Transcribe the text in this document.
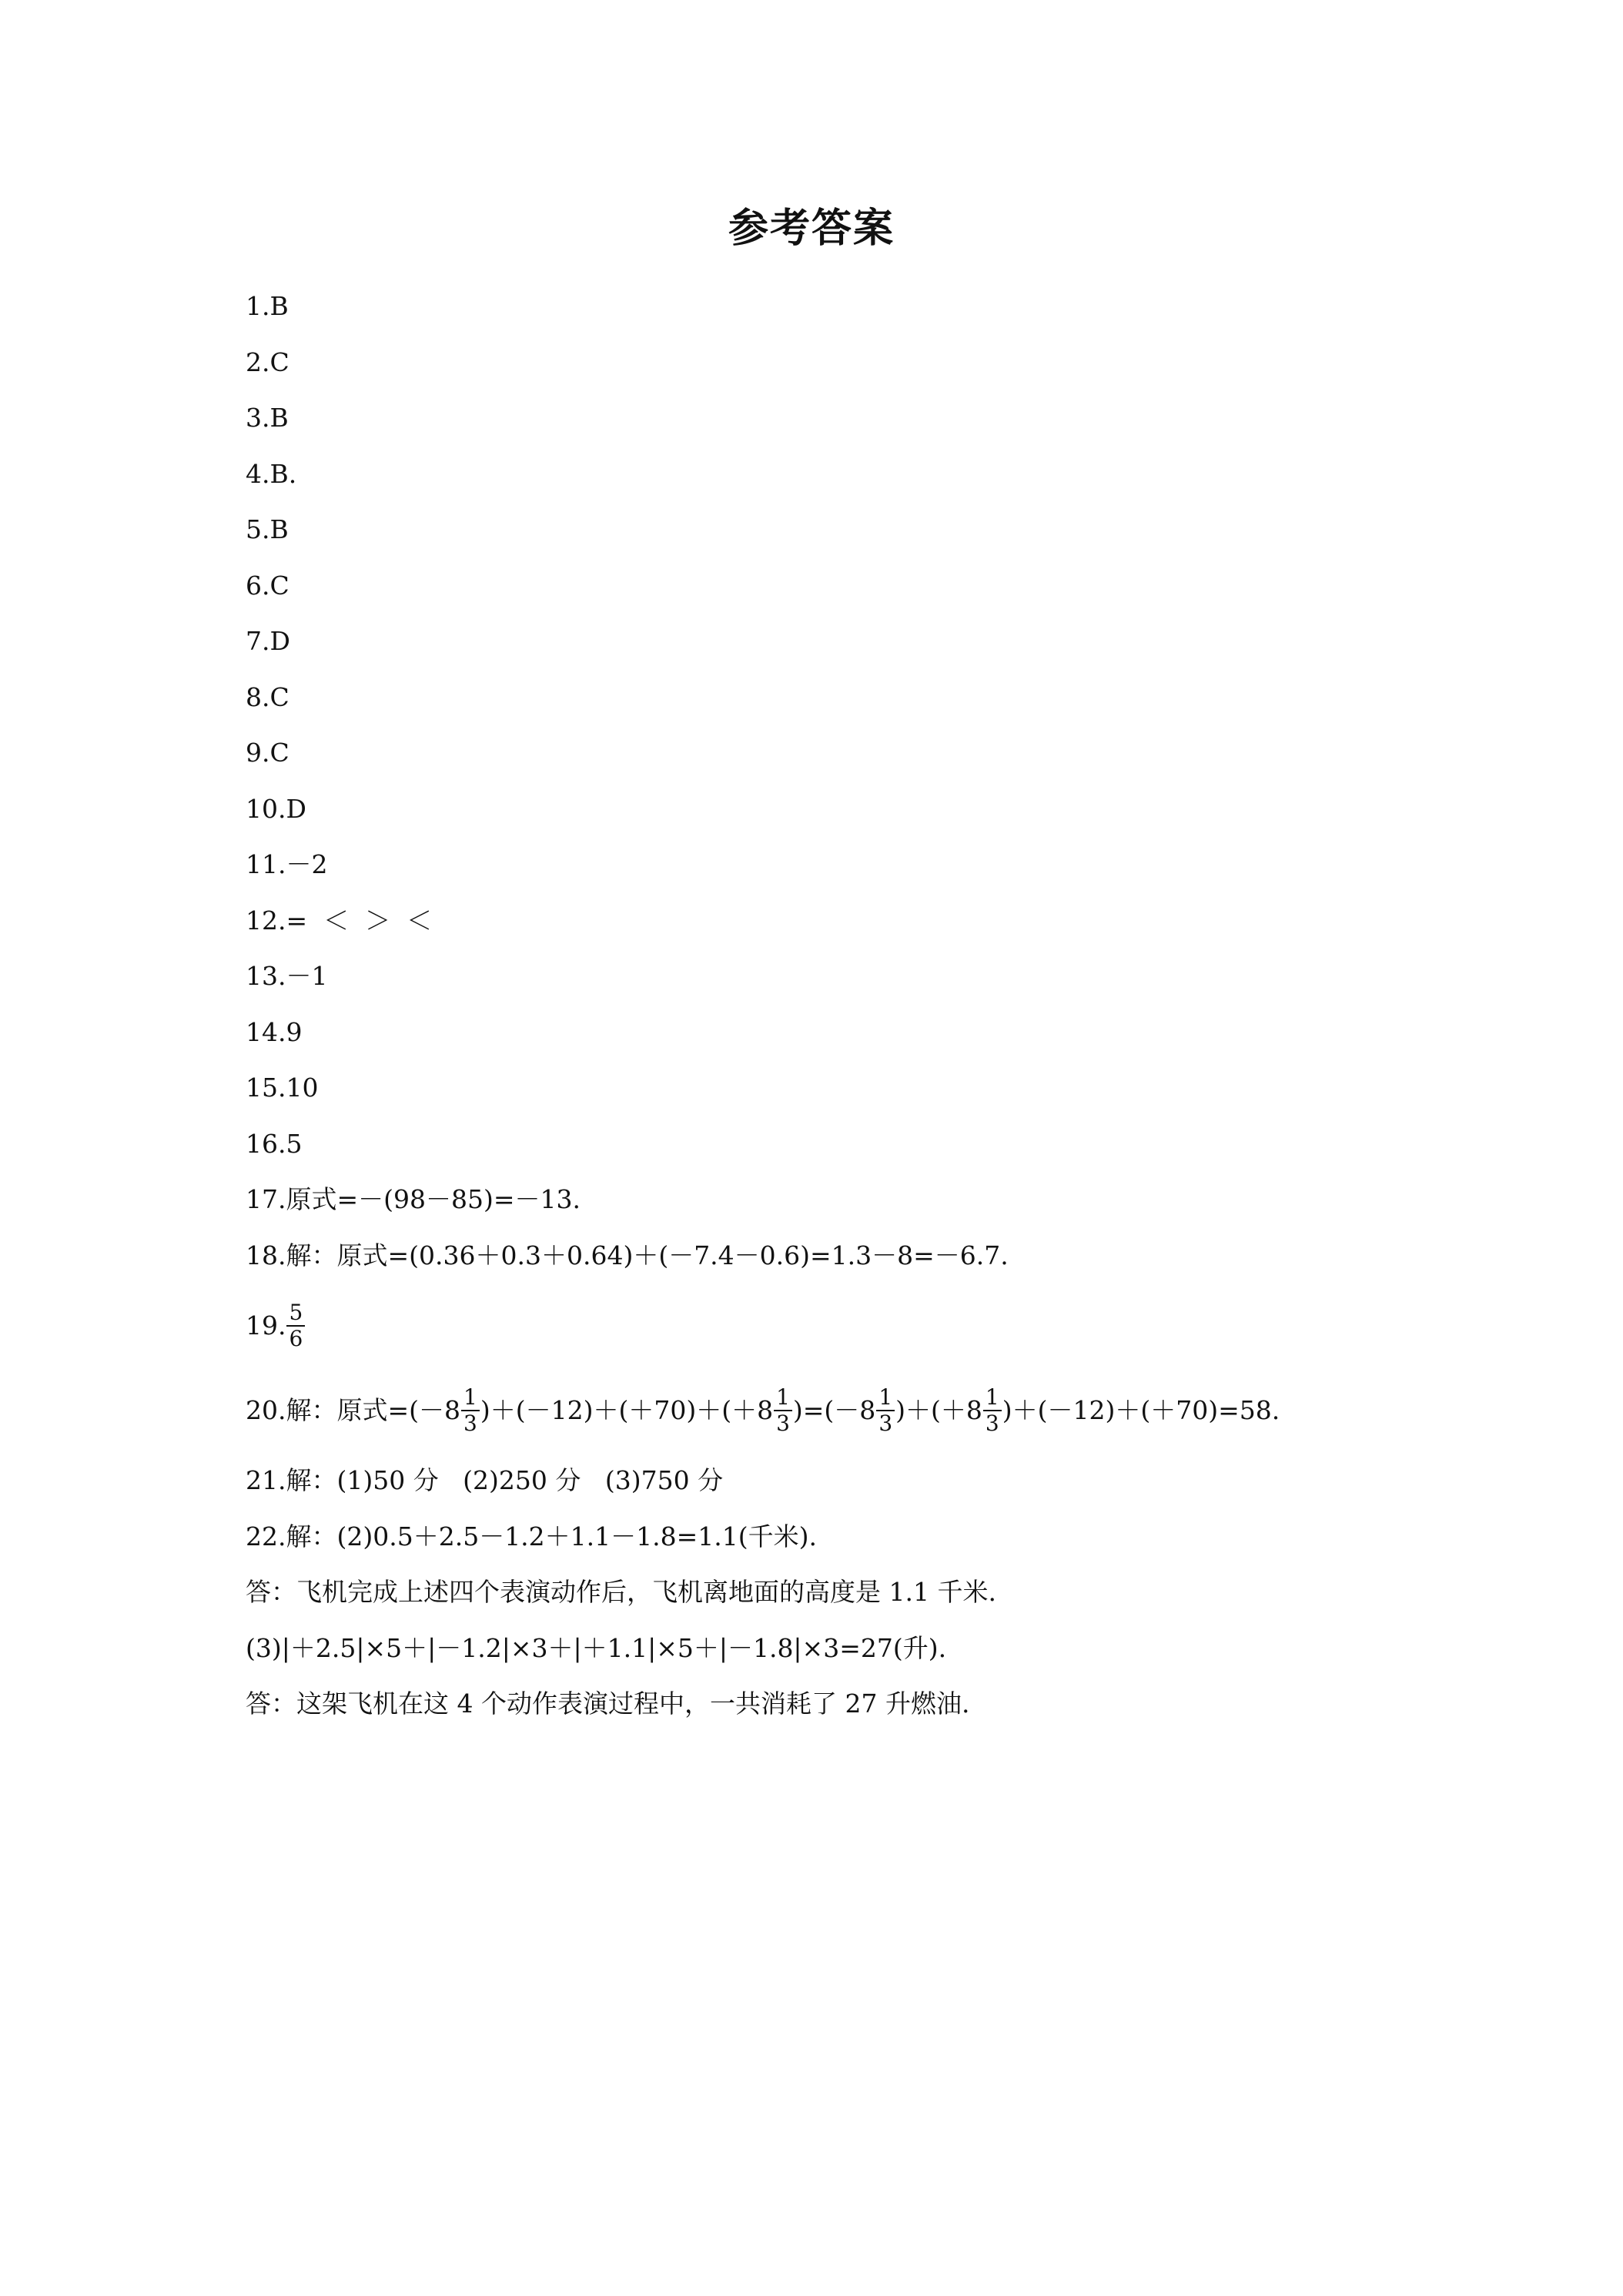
参考答案
1.B
2.C
3.B
4.B.
5.B
6.C
7.D
8.C
9.C
10.D
11.－2
12.=  ＜  ＞  ＜
13.－1
14.9
15.10
16.5
17.原式=－(98－85)=－13.
18.解：原式=(0.36＋0.3＋0.64)＋(－7.4－0.6)=1.3－8=－6.7.
19. $\frac{5}{6}$
20.解：原式$=(-8 \frac{1}{3} )+(-12)+(+70)+(+8 \frac{1}{3} )=(-8 \frac{1}{3} )+(+8 \frac{1}{3} )+(-12)+(+70)=58$.
21.解：(1)50 分   (2)250 分   (3)750 分
22.解：(2)0.5＋2.5－1.2＋1.1－1.8=1.1(千米).
答：飞机完成上述四个表演动作后，飞机离地面的高度是 1.1 千米.
(3)|＋2.5|×5＋|－1.2|×3＋|＋1.1|×5＋|－1.8|×3=27(升).
答：这架飞机在这 4 个动作表演过程中，一共消耗了 27 升燃油.
